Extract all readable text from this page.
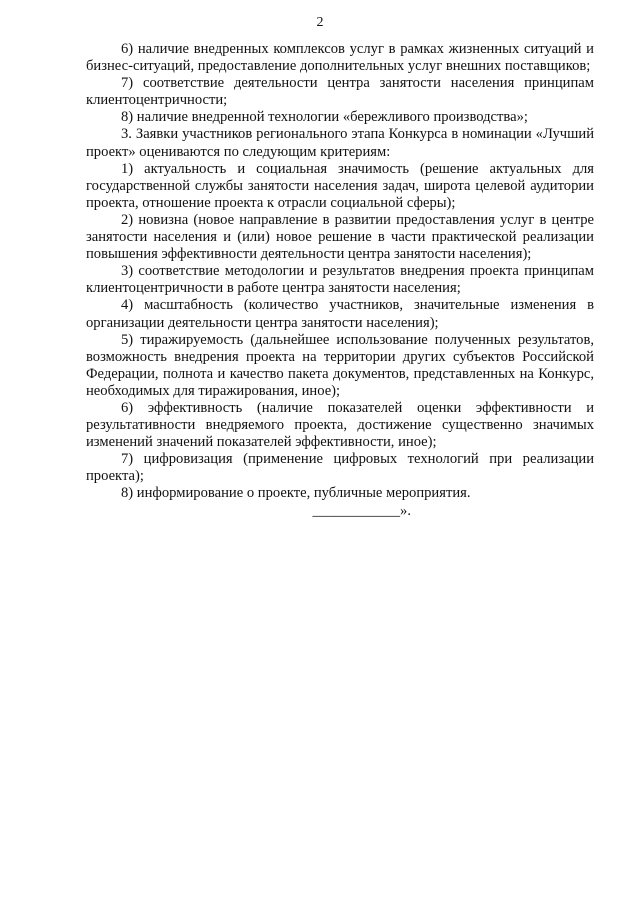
2

6) наличие внедренных комплексов услуг в рамках жизненных ситуаций и бизнес-ситуаций, предоставление дополнительных услуг внешних поставщиков;

7) соответствие деятельности центра занятости населения принципам клиентоцентричности;

8) наличие внедренной технологии «бережливого производства»;

3. Заявки участников регионального этапа Конкурса в номинации «Лучший проект» оцениваются по следующим критериям:

1) актуальность и социальная значимость (решение актуальных для государственной службы занятости населения задач, широта целевой аудитории проекта, отношение проекта к отрасли социальной сферы);

2) новизна (новое направление в развитии предоставления услуг в центре занятости населения и (или) новое решение в части практической реализации повышения эффективности деятельности центра занятости населения);

3) соответствие методологии и результатов внедрения проекта принципам клиентоцентричности в работе центра занятости населения;

4) масштабность (количество участников, значительные изменения в организации деятельности центра занятости населения);

5) тиражируемость (дальнейшее использование полученных результатов, возможность внедрения проекта на территории других субъектов Российской Федерации, полнота и качество пакета документов, представленных на Конкурс, необходимых для тиражирования, иное);

6) эффективность (наличие показателей оценки эффективности и результативности внедряемого проекта, достижение существенно значимых изменений значений показателей эффективности, иное);

7) цифровизация (применение цифровых технологий при реализации проекта);

8) информирование о проекте, публичные мероприятия.

____________».
